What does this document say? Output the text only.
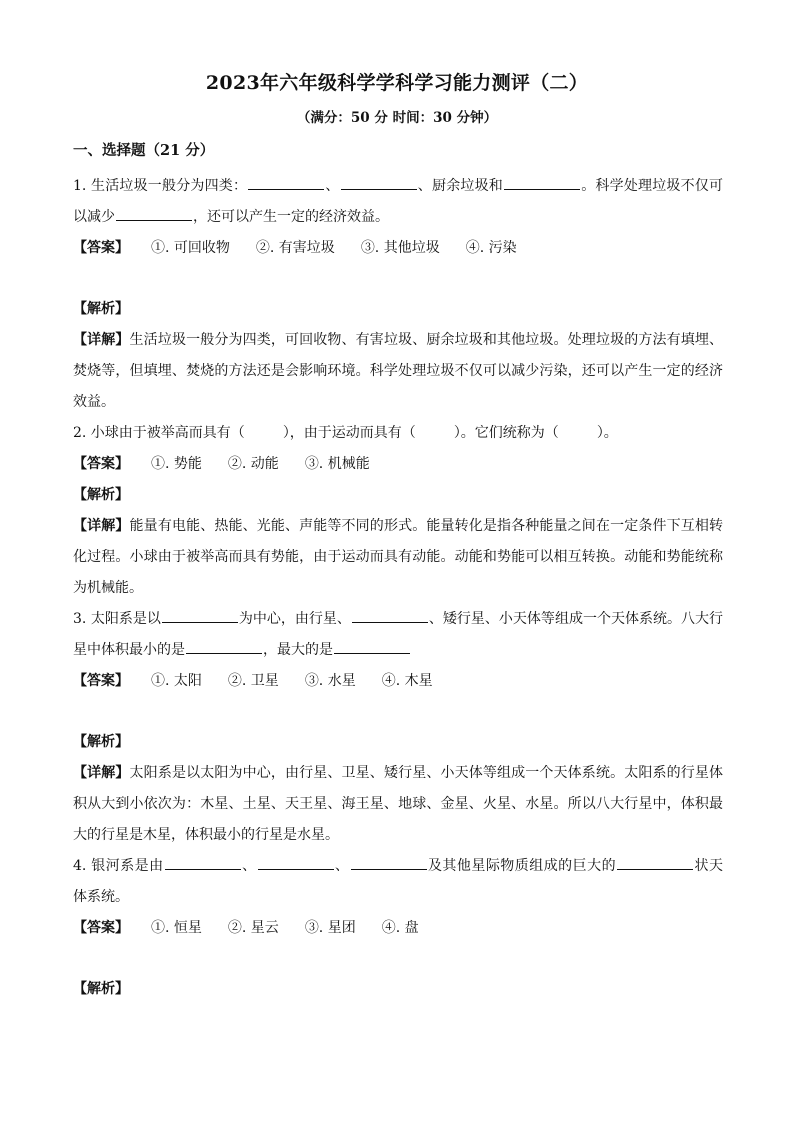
2023年六年级科学学科学习能力测评（二）
（满分：50 分 时间：30 分钟）
一、选择题（21 分）

1. 生活垃圾一般分为四类：	、	、厨余垃圾和	。科学处理垃圾不仅可以减少	，还可以产生一定的经济效益。

【答案】 ①. 可回收物 ②. 有害垃圾 ③. 其他垃圾 ④. 污染

【解析】

【详解】生活垃圾一般分为四类，可回收物、有害垃圾、厨余垃圾和其他垃圾。处理垃圾的方法有填埋、焚烧等，但填埋、焚烧的方法还是会影响环境。科学处理垃圾不仅可以减少污染，还可以产生一定的经济效益。

2. 小球由于被举高而具有（	），由于运动而具有（	）。它们统称为（	）。

【答案】 ①. 势能 ②. 动能 ③. 机械能

【解析】

【详解】能量有电能、热能、光能、声能等不同的形式。能量转化是指各种能量之间在一定条件下互相转化过程。小球由于被举高而具有势能，由于运动而具有动能。动能和势能可以相互转换。动能和势能统称为机械能。

3. 太阳系是以	为中心，由行星、	、矮行星、小天体等组成一个天体系统。八大行星中体积最小的是	，最大的是

【答案】 ①. 太阳 ②. 卫星 ③. 水星 ④. 木星

【解析】

【详解】太阳系是以太阳为中心，由行星、卫星、矮行星、小天体等组成一个天体系统。太阳系的行星体积从大到小依次为：木星、土星、天王星、海王星、地球、金星、火星、水星。所以八大行星中，体积最大的行星是木星，体积最小的行星是水星。

4. 银河系是由	、	、	及其他星际物质组成的巨大的	状天体系统。

【答案】 ①. 恒星 ②. 星云 ③. 星团 ④. 盘

【解析】
